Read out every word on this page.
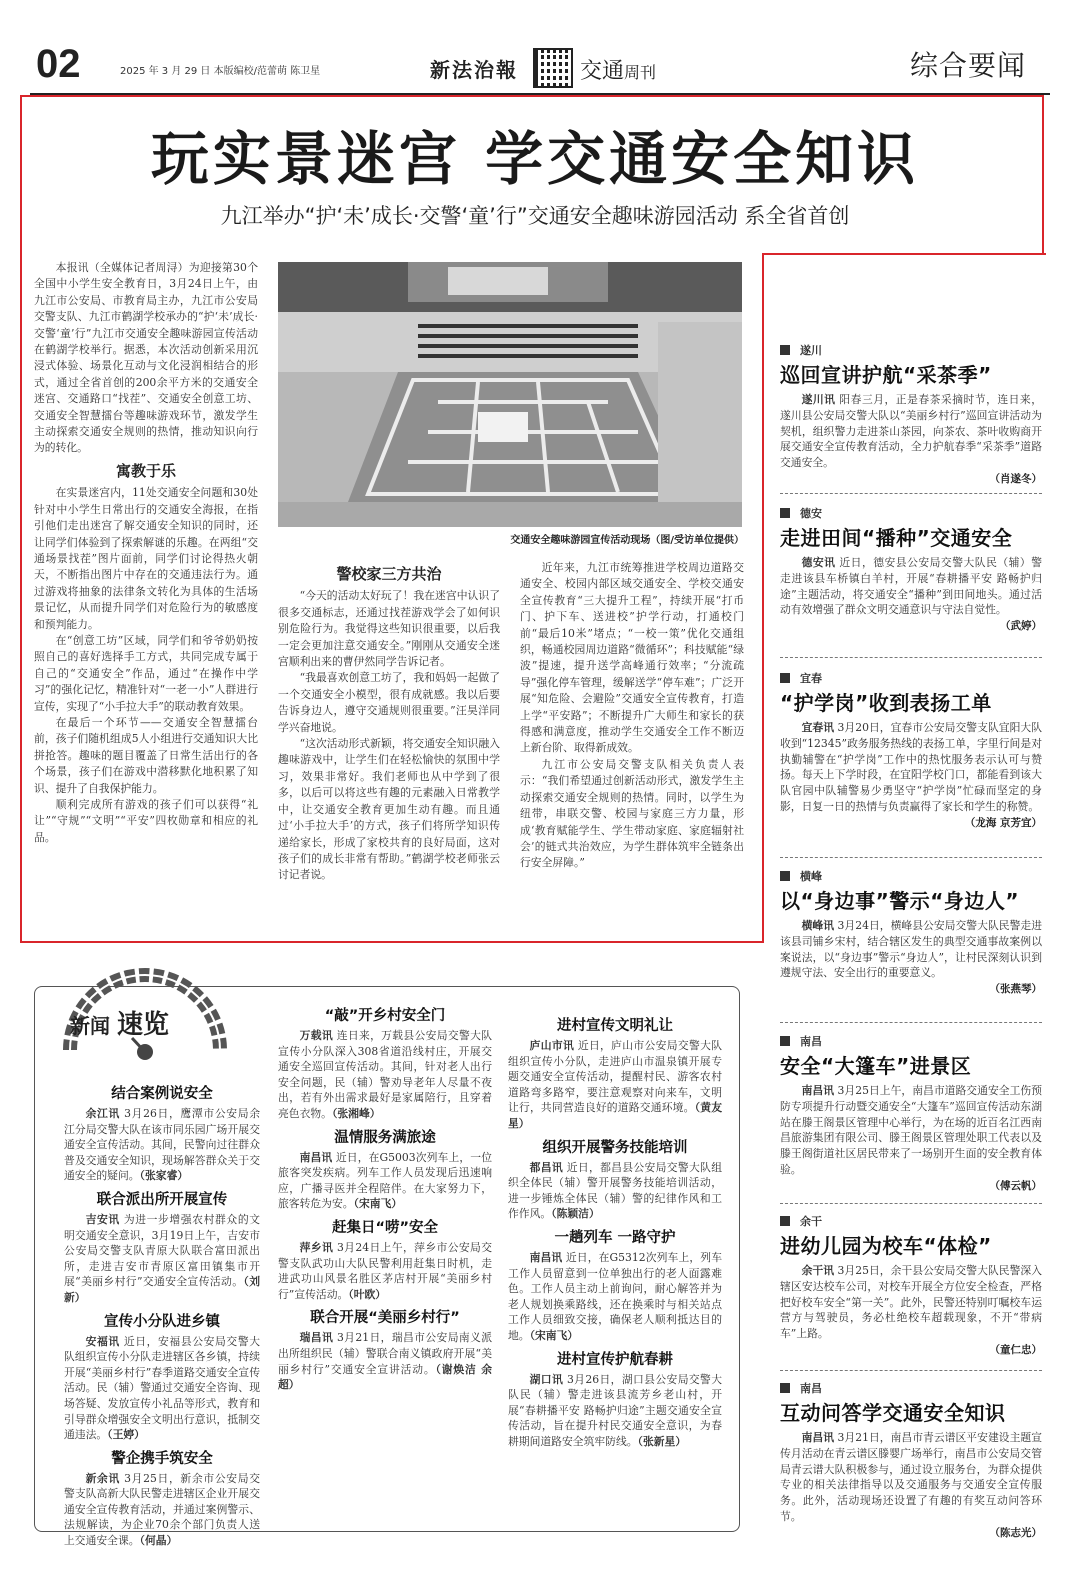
02	2025 年 3 月 29 日 本版编校/范蕾萌 陈卫星	新法治報	交通周刊	综合要闻
玩实景迷宫 学交通安全知识
九江举办“护‘未’成长·交警‘童’行”交通安全趣味游园活动 系全省首创

本报讯（全媒体记者周浔）为迎接第30个全国中小学生安全教育日，3月24日上午，由九江市公安局、市教育局主办，九江市公安局交警支队、九江市鹤湖学校承办的“护‘未’成长·交警‘童’行”九江市交通安全趣味游园宣传活动在鹤湖学校举行。据悉，本次活动创新采用沉浸式体验、场景化互动与文化浸润相结合的形式，通过全省首创的200余平方米的交通安全迷宫、交通路口“找茬”、交通安全创意工坊、交通安全智慧擂台等趣味游戏环节，激发学生主动探索交通安全规则的热情，推动知识向行为的转化。

寓教于乐

在实景迷宫内，11处交通安全问题和30处针对中小学生日常出行的交通安全海报，在指引他们走出迷宫了解交通安全知识的同时，还让同学们体验到了探索解谜的乐趣。在两组“交通场景找茬”图片面前，同学们讨论得热火朝天，不断指出图片中存在的交通违法行为。通过游戏将抽象的法律条文转化为具体的生活场景记忆，从而提升同学们对危险行为的敏感度和预判能力。

在“创意工坊”区域，同学们和爷爷奶奶按照自己的喜好选择手工方式，共同完成专属于自己的“交通安全”作品，通过“在操作中学习”的强化记忆，精准针对“一老一小”人群进行宣传，实现了“小手拉大手”的联动教育效果。

在最后一个环节——交通安全智慧擂台前，孩子们随机组成5人小组进行交通知识大比拼抢答。趣味的题目覆盖了日常生活出行的各个场景，孩子们在游戏中潜移默化地积累了知识、提升了自我保护能力。

顺利完成所有游戏的孩子们可以获得“礼让”“守规”“文明”“平安”四枚勋章和相应的礼品。

交通安全趣味游园宣传活动现场（图/受访单位提供）
警校家三方共治

“今天的活动太好玩了！我在迷宫中认识了很多交通标志，还通过找茬游戏学会了如何识别危险行为。我觉得这些知识很重要，以后我一定会更加注意交通安全。”刚刚从交通安全迷宫顺利出来的曹伊然同学告诉记者。

“我最喜欢创意工坊了，我和妈妈一起做了一个交通安全小模型，很有成就感。我以后要告诉身边人，遵守交通规则很重要。”汪昊洋同学兴奋地说。

“这次活动形式新颖，将交通安全知识融入趣味游戏中，让学生们在轻松愉快的氛围中学习，效果非常好。我们老师也从中学到了很多，以后可以将这些有趣的元素融入日常教学中，让交通安全教育更加生动有趣。而且通过‘小手拉大手’的方式，孩子们将所学知识传递给家长，形成了家校共育的良好局面，这对孩子们的成长非常有帮助。”鹤湖学校老师张云讨记者说。

近年来，九江市统筹推进学校周边道路交通安全、校园内部区域交通安全、学校交通安全宣传教育“三大提升工程”，持续开展“打币门、护下车、送进校”护学行动，打通校门前“最后10米”堵点；“一校一策”优化交通组织，畅通校园周边道路“微循环”；科技赋能“绿波”提速，提升送学高峰通行效率；“分流疏导”强化停车管理，缓解送学“停车难”；广泛开展“知危险、会避险”交通安全宣传教育，打造上学“平安路”；不断提升广大师生和家长的获得感和满意度，推动学生交通安全工作不断迈上新台阶、取得新成效。

九江市公安局交警支队相关负责人表示：“我们希望通过创新活动形式，激发学生主动探索交通安全规则的热情。同时，以学生为纽带，串联交警、校园与家庭三方力量，形成‘教育赋能学生、学生带动家庭、家庭辐射社会’的链式共治效应，为学生群体筑牢全链条出行安全屏障。”

遂川
巡回宣讲护航“采茶季”
遂川讯 阳春三月，正是春茶采摘时节，连日来，遂川县公安局交警大队以“美丽乡村行”巡回宣讲活动为契机，组织警力走进茶山茶园，向茶农、茶叶收购商开展交通安全宣传教育活动，全力护航春季“采茶季”道路交通安全。
（肖遂冬）
德安
走进田间“播种”交通安全
德安讯 近日，德安县公安局交警大队民（辅）警走进该县车桥镇白羊村，开展“春耕播平安 路畅护归途”主题活动，将交通安全“播种”到田间地头。通过活动有效增强了群众文明交通意识与守法自觉性。
（武婷）
宜春
“护学岗”收到表扬工单
宜春讯 3月20日，宜春市公安局交警支队宜阳大队收到“12345”政务服务热线的表扬工单，字里行间是对执勤辅警在“护学岗”工作中的热忱服务表示认可与赞扬。每天上下学时段，在宜阳学校门口，都能看到该大队官园中队辅警易少勇坚守“护学岗”忙碌而坚定的身影，日复一日的热情与负责赢得了家长和学生的称赞。
（龙海 京芳宜）
横峰
以“身边事”警示“身边人”
横峰讯 3月24日，横峰县公安局交警大队民警走进该县司铺乡宋村，结合辖区发生的典型交通事故案例以案说法，以“身边事”警示“身边人”，让村民深刻认识到遵规守法、安全出行的重要意义。
（张燕琴）
南昌
安全“大篷车”进景区
南昌讯 3月25日上午，南昌市道路交通安全工伤预防专项提升行动暨交通安全“大篷车”巡回宣传活动东湖站在滕王阁景区管理中心举行，为在场的近百名江西南昌旅游集团有限公司、滕王阁景区管理处职工代表以及滕王阁街道社区居民带来了一场别开生面的安全教育体验。
（傅云帆）
余干
进幼儿园为校车“体检”
余干讯 3月25日，余干县公安局交警大队民警深入辖区安达校车公司，对校车开展全方位安全检查，严格把好校车安全“第一关”。此外，民警还特别叮嘱校车运营方与驾驶员，务必杜绝校车超载现象，不开“带病车”上路。
（童仁忠）
南昌
互动问答学交通安全知识
南昌讯 3月21日，南昌市青云谱区平安建设主题宣传月活动在青云谱区滕婴广场举行，南昌市公安局交管局青云谱大队积极参与，通过设立服务台，为群众提供专业的相关法律指导以及交通服务与交通安全宣传服务。此外，活动现场还设置了有趣的有奖互动问答环节。
（陈志光）
新闻 速览
结合案例说安全
余江讯 3月26日，鹰潭市公安局余江分局交警大队在该市同乐园广场开展交通安全宣传活动。其间，民警向过往群众普及交通安全知识，现场解答群众关于交通安全的疑问。（张家睿）
联合派出所开展宣传
吉安讯 为进一步增强农村群众的文明交通安全意识，3月19日上午，吉安市公安局交警支队青原大队联合富田派出所，走进吉安市青原区富田镇集市开展“美丽乡村行”交通安全宣传活动。（刘新）
宣传小分队进乡镇
安福讯 近日，安福县公安局交警大队组织宣传小分队走进辖区各乡镇，持续开展“美丽乡村行”春季道路交通安全宣传活动。民（辅）警通过交通安全咨询、现场答疑、发放宣传小礼品等形式，教育和引导群众增强安全文明出行意识，抵制交通违法。（王婷）
警企携手筑安全
新余讯 3月25日，新余市公安局交警支队高新大队民警走进辖区企业开展交通安全宣传教育活动，并通过案例警示、法规解读，为企业70余个部门负责人送上交通安全课。（何晶）
“敲”开乡村安全门
万载讯 连日来，万载县公安局交警大队宣传小分队深入308省道沿线村庄，开展交通安全巡回宣传活动。其间，针对老人出行安全问题，民（辅）警劝导老年人尽量不夜出，若有外出需求最好是家属陪行，且穿着亮色衣物。（张湘峰）
温情服务满旅途
南昌讯 近日，在G5003次列车上，一位旅客突发疾病。列车工作人员发现后迅速响应，广播寻医并全程陪伴。在大家努力下，旅客转危为安。（宋南飞）
赶集日“唠”安全
萍乡讯 3月24日上午，萍乡市公安局交警支队武功山大队民警利用赶集日时机，走进武功山风景名胜区茅店村开展“美丽乡村行”宣传活动。（叶欧）
联合开展“美丽乡村行”
瑞昌讯 3月21日，瑞昌市公安局南义派出所组织民（辅）警联合南义镇政府开展“美丽乡村行”交通安全宣讲活动。（谢焕洁 余超）
进村宣传文明礼让
庐山市讯 近日，庐山市公安局交警大队组织宣传小分队，走进庐山市温泉镇开展专题交通安全宣传活动，提醒村民、游客农村道路弯多路窄，要注意观察对向来车，文明让行，共同营造良好的道路交通环境。（黄友星）
组织开展警务技能培训
都昌讯 近日，都昌县公安局交警大队组织全体民（辅）警开展警务技能培训活动，进一步锤炼全体民（辅）警的纪律作风和工作作风。（陈颖洁）
一趟列车 一路守护
南昌讯 近日，在G5312次列车上，列车工作人员留意到一位单独出行的老人面露难色。工作人员主动上前询问，耐心解答并为老人规划换乘路线，还在换乘时与相关站点工作人员细致交接，确保老人顺利抵达目的地。（宋南飞）
进村宣传护航春耕
湖口讯 3月26日，湖口县公安局交警大队民（辅）警走进该县流芳乡老山村，开展“春耕播平安 路畅护归途”主题交通安全宣传活动，旨在提升村民交通安全意识，为春耕期间道路安全筑牢防线。（张新星）
